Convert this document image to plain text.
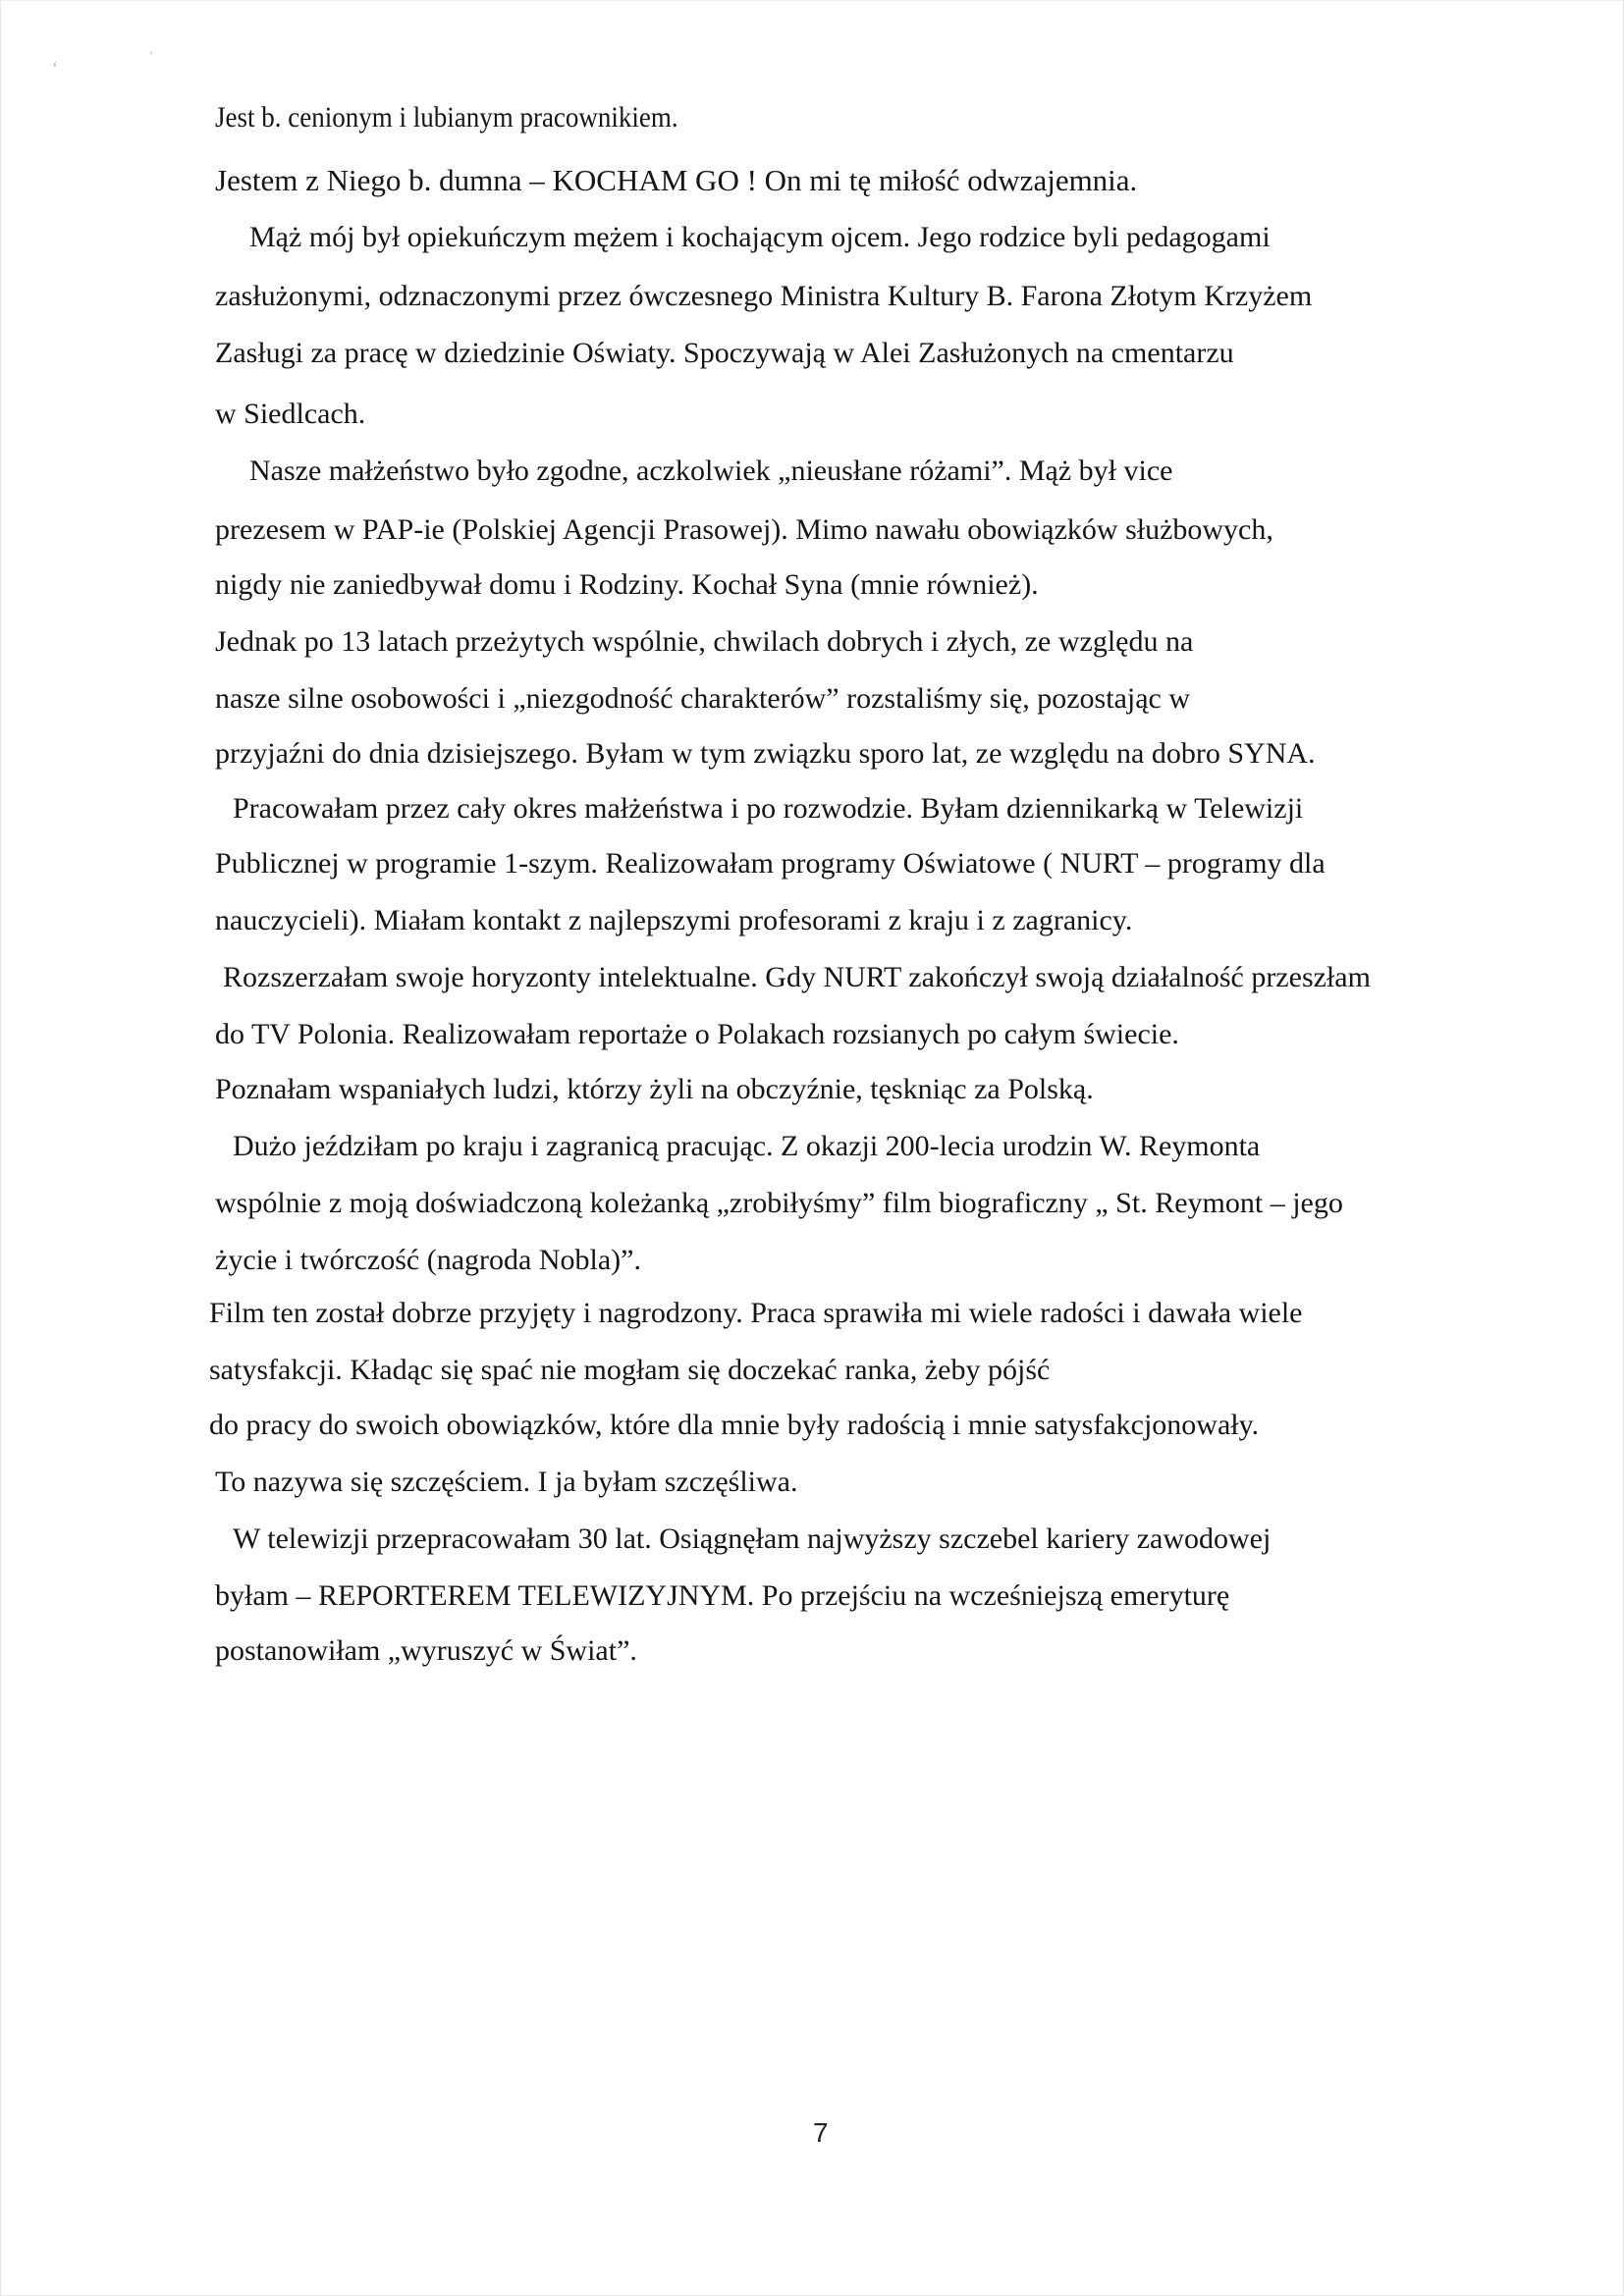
‘	ˈ
Jest b. cenionym i lubianym pracownikiem.
Jestem z Niego b. dumna – KOCHAM GO ! On mi tę miłość odwzajemnia.
Mąż mój był opiekuńczym mężem i kochającym ojcem. Jego rodzice byli pedagogami
zasłużonymi, odznaczonymi przez ówczesnego Ministra Kultury B. Farona Złotym Krzyżem
Zasługi za pracę w dziedzinie Oświaty. Spoczywają w Alei Zasłużonych na cmentarzu
w Siedlcach.
Nasze małżeństwo było zgodne, aczkolwiek „nieusłane różami”. Mąż był vice
prezesem w PAP-ie (Polskiej Agencji Prasowej). Mimo nawału obowiązków służbowych,
nigdy nie zaniedbywał domu i Rodziny. Kochał Syna (mnie również).
Jednak po 13 latach przeżytych wspólnie, chwilach dobrych i złych, ze względu na
nasze silne osobowości i „niezgodność charakterów” rozstaliśmy się, pozostając w
przyjaźni do dnia dzisiejszego. Byłam w tym związku sporo lat, ze względu na dobro SYNA.
Pracowałam przez cały okres małżeństwa i po rozwodzie. Byłam dziennikarką w Telewizji
Publicznej w programie 1-szym. Realizowałam programy Oświatowe ( NURT – programy dla
nauczycieli). Miałam kontakt z najlepszymi profesorami z kraju i z zagranicy.
Rozszerzałam swoje horyzonty intelektualne. Gdy NURT zakończył swoją działalność przeszłam
do TV Polonia. Realizowałam reportaże o Polakach rozsianych po całym świecie.
Poznałam wspaniałych ludzi, którzy żyli na obczyźnie, tęskniąc za Polską.
Dużo jeździłam po kraju i zagranicą pracując. Z okazji 200-lecia urodzin W. Reymonta
wspólnie z moją doświadczoną koleżanką „zrobiłyśmy” film biograficzny „ St. Reymont – jego
życie i twórczość (nagroda Nobla)”.
Film ten został dobrze przyjęty i nagrodzony. Praca sprawiła mi wiele radości i dawała wiele
satysfakcji. Kładąc się spać nie mogłam się doczekać ranka, żeby pójść
do pracy do swoich obowiązków, które dla mnie były radością i mnie satysfakcjonowały.
To nazywa się szczęściem. I ja byłam szczęśliwa.
W telewizji przepracowałam 30 lat. Osiągnęłam najwyższy szczebel kariery zawodowej
byłam – REPORTEREM TELEWIZYJNYM. Po przejściu na wcześniejszą emeryturę
postanowiłam „wyruszyć w Świat”.
7
